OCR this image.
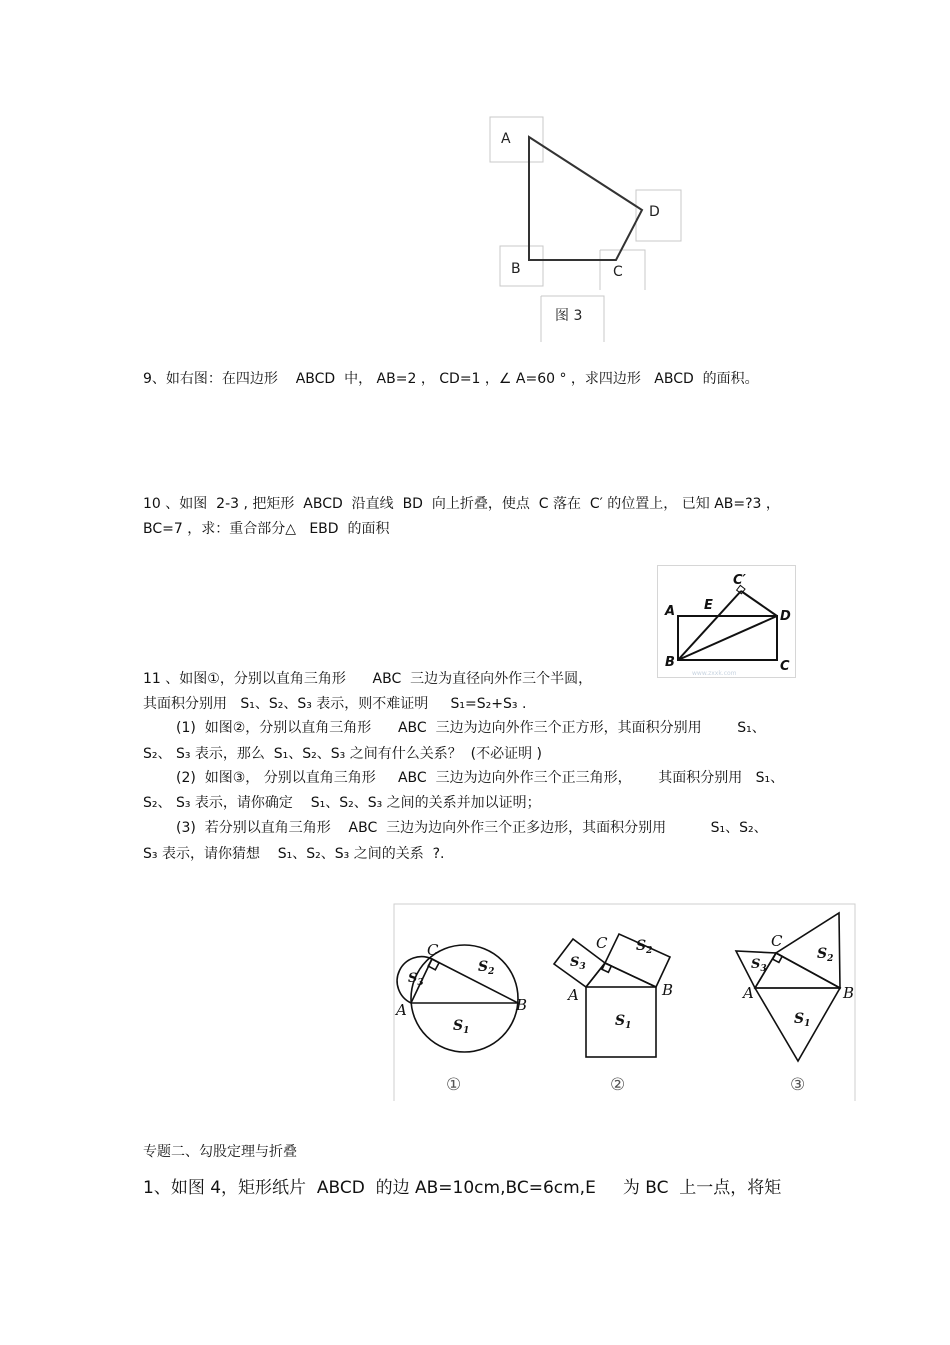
A
D
B	C
图 3
9、如右图：在四边形    ABCD  中， AB=2 ， CD=1 ，∠ A=60 ° ，求四边形   ABCD  的面积。
10 、如图  2-3 , 把矩形  ABCD  沿直线  BD  向上折叠，使点  C 落在  C′ 的位置上， 已知 AB=?3 ，
BC=7 ，求：重合部分△   EBD  的面积
C′
A E
D
B	C
www.zxxk.com
11 、如图①，分别以直角三角形      ABC  三边为直径向外作三个半圆，
其面积分别用   S₁、S₂、S₃ 表示，则不难证明     S₁=S₂+S₃ .
(1)  如图②，分别以直角三角形      ABC  三边为边向外作三个正方形，其面积分别用        S₁、
S₂、 S₃ 表示，那么  S₁、S₂、S₃ 之间有什么关系？  (不必证明 )
(2)  如图③， 分别以直角三角形     ABC  三边为边向外作三个正三角形，      其面积分别用   S₁、
S₂、 S₃ 表示，请你确定    S₁、S₂、S₃ 之间的关系并加以证明；
(3)  若分别以直角三角形    ABC  三边为边向外作三个正多边形，其面积分别用          S₁、S₂、
S₃ 表示，请你猜想    S₁、S₂、S₃ 之间的关系  ?.
A	B
C
$S_1$
$S_2$
$S_3$
①
A	B
C
$S_1$
$S_2$
$S_3$
②
A	B
C
$S_1$
$S_2$
$S_3$
③
专题二、勾股定理与折叠
1、如图 4，矩形纸片  ABCD  的边 AB=10cm,BC=6cm,E     为 BC  上一点，将矩
